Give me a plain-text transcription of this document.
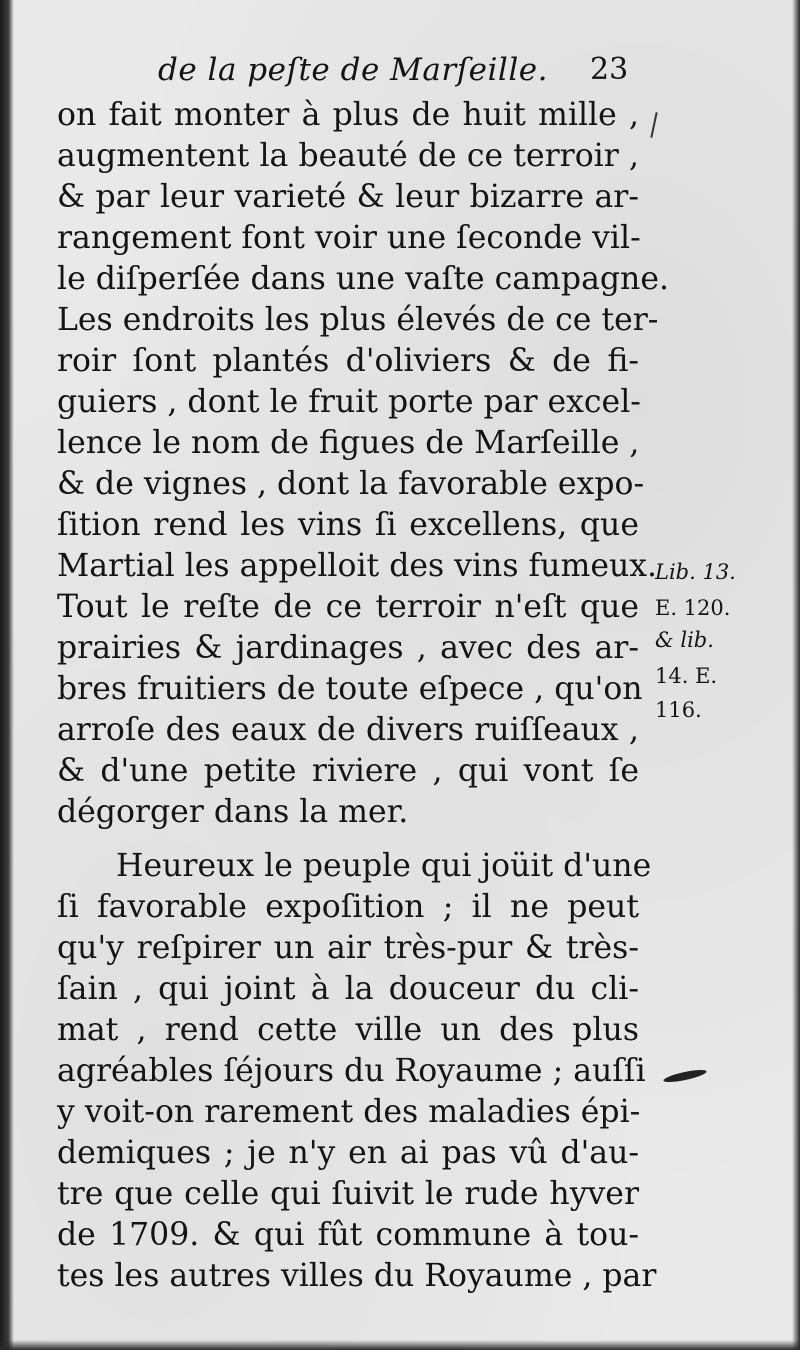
de la peſte de Marſeille. 23
on fait monter à plus de huit mille ,
augmentent la beauté de ce terroir ,
& par leur varieté & leur bizarre ar-
rangement font voir une ſeconde vil-
le diſperſée dans une vaſte campagne.
Les endroits les plus élevés de ce ter-
roir ſont plantés d'oliviers & de fi-
guiers , dont le fruit porte par excel-
lence le nom de figues de Marſeille ,
& de vignes , dont la favorable expo-
ſition rend les vins ſi excellens, que
Martial les appelloit des vins fumeux.
Tout le reſte de ce terroir n'eſt que
prairies & jardinages , avec des ar-
bres fruitiers de toute eſpece , qu'on
arroſe des eaux de divers ruiſſeaux ,
& d'une petite riviere , qui vont ſe
dégorger dans la mer.
Heureux le peuple qui joüit d'une
ſi favorable expoſition ; il ne peut
qu'y reſpirer un air très-pur & très-
ſain , qui joint à la douceur du cli-
mat , rend cette ville un des plus
agréables ſéjours du Royaume ; auſſi
y voit-on rarement des maladies épi-
demiques ; je n'y en ai pas vû d'au-
tre que celle qui ſuivit le rude hyver
de 1709. & qui fût commune à tou-
tes les autres villes du Royaume , par
Lib. 13.
E. 120.
& lib.
14. E.
116.
